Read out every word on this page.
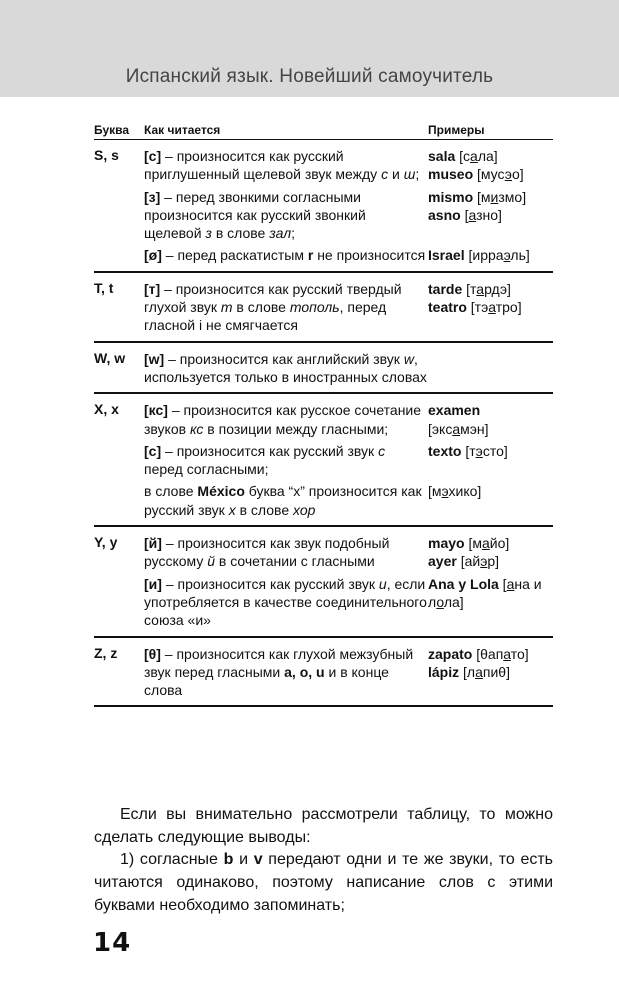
Испанский язык. Новейший самоучитель
Буква Как читается	Примеры
S, s [с] – произносится как русский приглушенный щелевой звук между с и ш;
sala [сала]
museo [мусэо]
[з] – перед звонкими согласными произносится как русский звонкий щелевой з в слове зал;
mismo [мизмо]
asno [азно]
[ø] – перед раскатистым r не произносится Israel [ирраэль]
T, t [т] – произносится как русский твердый глухой звук т в слове тополь, перед гласной i не смягчается
tarde [тардэ]
teatro [тэатро]
W, w [w] – произносится как английский звук w, используется только в иностранных словах
X, x [кс] – произносится как русское сочетание звуков кс в позиции между гласными;
examen
[эксамэн]
[с] – произносится как русский звук с перед согласными;
texto [тэсто]
в слове México буква “x” произносится как русский звук х в слове хор
[мэхико]
Y, y [й] – произносится как звук подобный русскому й в сочетании с гласными
mayo [майо]
ayer [айэр]
[и] – произносится как русский звук и, если употребляется в качестве соединительного союза «и»
Ana y Lola [ана и лола]
Z, z [θ] – произносится как глухой межзубный звук перед гласными a, o, u и в конце слова
zapato [θапато]
lápiz [лапиθ]
Если вы внимательно рассмотрели таблицу, то можно сделать следующие выводы:
1) согласные b и v передают одни и те же звуки, то есть читаются одинаково, поэтому написание слов с этими буквами необходимо запоминать;
14
